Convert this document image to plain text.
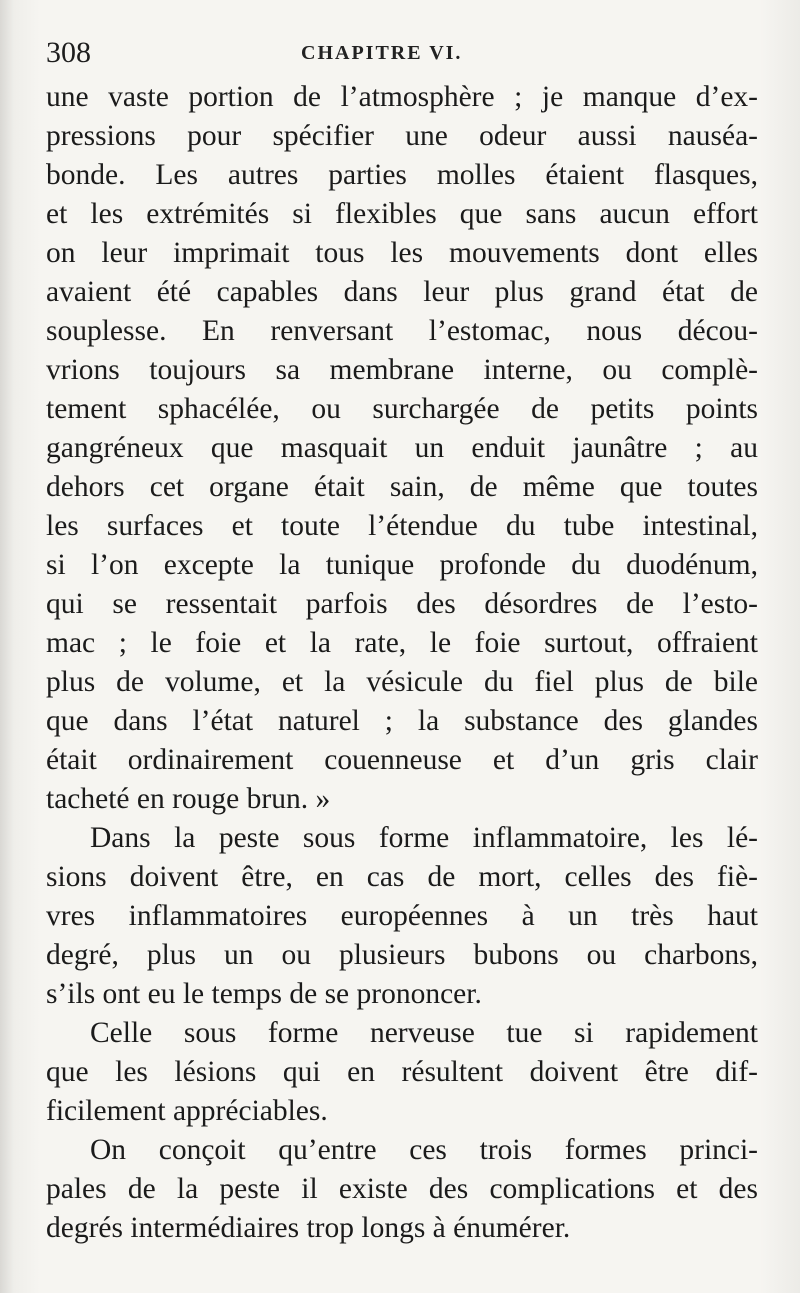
308	CHAPITRE VI.
une vaste portion de l’atmosphère ; je manque d’ex-
pressions pour spécifier une odeur aussi nauséa-
bonde. Les autres parties molles étaient flasques,
et les extrémités si flexibles que sans aucun effort
on leur imprimait tous les mouvements dont elles
avaient été capables dans leur plus grand état de
souplesse. En renversant l’estomac, nous décou-
vrions toujours sa membrane interne, ou complè-
tement sphacélée, ou surchargée de petits points
gangréneux que masquait un enduit jaunâtre ; au
dehors cet organe était sain, de même que toutes
les surfaces et toute l’étendue du tube intestinal,
si l’on excepte la tunique profonde du duodénum,
qui se ressentait parfois des désordres de l’esto-
mac ; le foie et la rate, le foie surtout, offraient
plus de volume, et la vésicule du fiel plus de bile
que dans l’état naturel ; la substance des glandes
était ordinairement couenneuse et d’un gris clair
tacheté en rouge brun. »
Dans la peste sous forme inflammatoire, les lé-
sions doivent être, en cas de mort, celles des fiè-
vres inflammatoires européennes à un très haut
degré, plus un ou plusieurs bubons ou charbons,
s’ils ont eu le temps de se prononcer.
Celle sous forme nerveuse tue si rapidement
que les lésions qui en résultent doivent être dif-
ficilement appréciables.
On conçoit qu’entre ces trois formes princi-
pales de la peste il existe des complications et des
degrés intermédiaires trop longs à énumérer.
